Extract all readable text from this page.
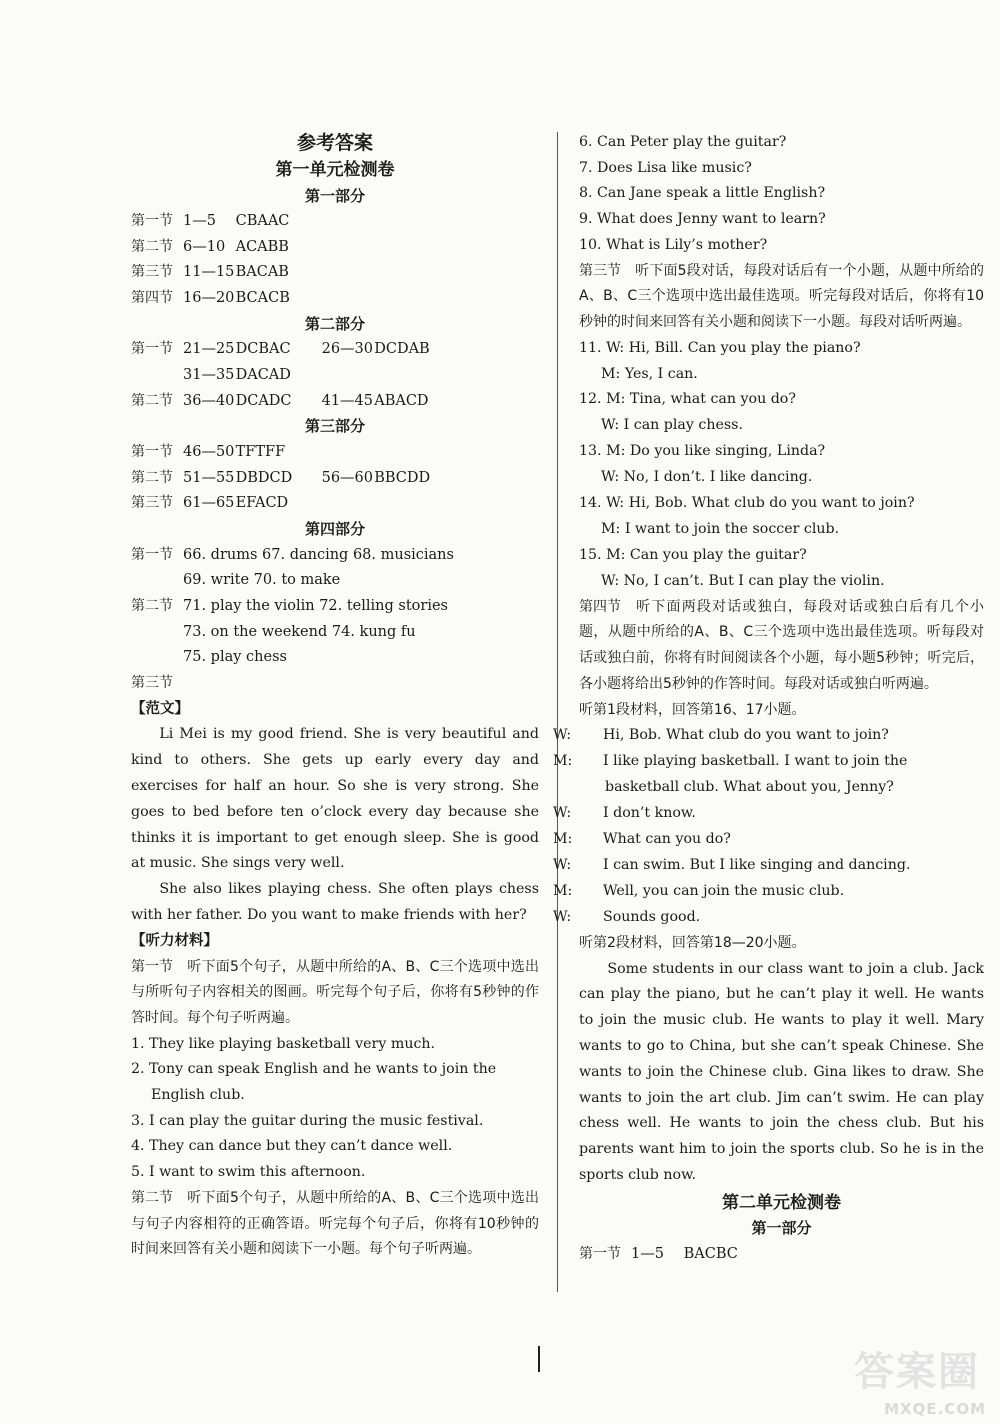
参考答案
第一单元检测卷
第一部分
第一节 1—5 CBAAC
第二节 6—10 ACABB
第三节 11—15 BACAB
第四节 16—20 BCACB
第二部分
第一节 21—25 DCBAC 26—30 DCDAB
31—35 DACAD
第二节 36—40 DCADC 41—45 ABACD
第三部分
第一节 46—50 TFTFF
第二节 51—55 DBDCD 56—60 BBCDD
第三节 61—65 EFACD
第四部分
第一节 66. drums 67. dancing 68. musicians
69. write 70. to make
第二节 71. play the violin 72. telling stories
73. on the weekend 74. kung fu
75. play chess
第三节
【范文】

Li Mei is my good friend. She is very beautiful and kind to others. She gets up early every day and exercises for half an hour. So she is very strong. She goes to bed before ten o’clock every day because she thinks it is important to get enough sleep. She is good at music. She sings very well.

She also likes playing chess. She often plays chess with her father. Do you want to make friends with her?

【听力材料】

第一节 听下面5个句子，从题中所给的A、B、C三个选项中选出与所听句子内容相关的图画。听完每个句子后，你将有5秒钟的作答时间。每个句子听两遍。

1. They like playing basketball very much.

2. Tony can speak English and he wants to join the English club.

3. I can play the guitar during the music festival.

4. They can dance but they can’t dance well.

5. I want to swim this afternoon.

第二节 听下面5个句子，从题中所给的A、B、C三个选项中选出与句子内容相符的正确答语。听完每个句子后，你将有10秒钟的时间来回答有关小题和阅读下一小题。每个句子听两遍。

6. Can Peter play the guitar?

7. Does Lisa like music?

8. Can Jane speak a little English?

9. What does Jenny want to learn?

10. What is Lily’s mother?

第三节 听下面5段对话，每段对话后有一个小题，从题中所给的A、B、C三个选项中选出最佳选项。听完每段对话后，你将有10秒钟的时间来回答有关小题和阅读下一小题。每段对话听两遍。

11. W: Hi, Bill. Can you play the piano?
M: Yes, I can.
12. M: Tina, what can you do?
W: I can play chess.
13. M: Do you like singing, Linda?
W: No, I don’t. I like dancing.
14. W: Hi, Bob. What club do you want to join?
M: I want to join the soccer club.
15. M: Can you play the guitar?
W: No, I can’t. But I can play the violin.

第四节 听下面两段对话或独白，每段对话或独白后有几个小题，从题中所给的A、B、C三个选项中选出最佳选项。听每段对话或独白前，你将有时间阅读各个小题，每小题5秒钟；听完后，各小题将给出5秒钟的作答时间。每段对话或独白听两遍。

听第1段材料，回答第16、17小题。

W: Hi, Bob. What club do you want to join?

M: I like playing basketball. I want to join the basketball club. What about you, Jenny?

W: I don’t know.

M: What can you do?

W: I can swim. But I like singing and dancing.

M: Well, you can join the music club.

W: Sounds good.

听第2段材料，回答第18—20小题。

Some students in our class want to join a club. Jack can play the piano, but he can’t play it well. He wants to join the music club. He wants to play it well. Mary wants to go to China, but she can’t speak Chinese. She wants to join the Chinese club. Gina likes to draw. She wants to join the art club. Jim can’t swim. He can play chess well. He wants to join the chess club. But his parents want him to join the sports club. So he is in the sports club now.

第二单元检测卷
第一部分
第一节 1—5 BACBC
答案圈
MXQE.COM
